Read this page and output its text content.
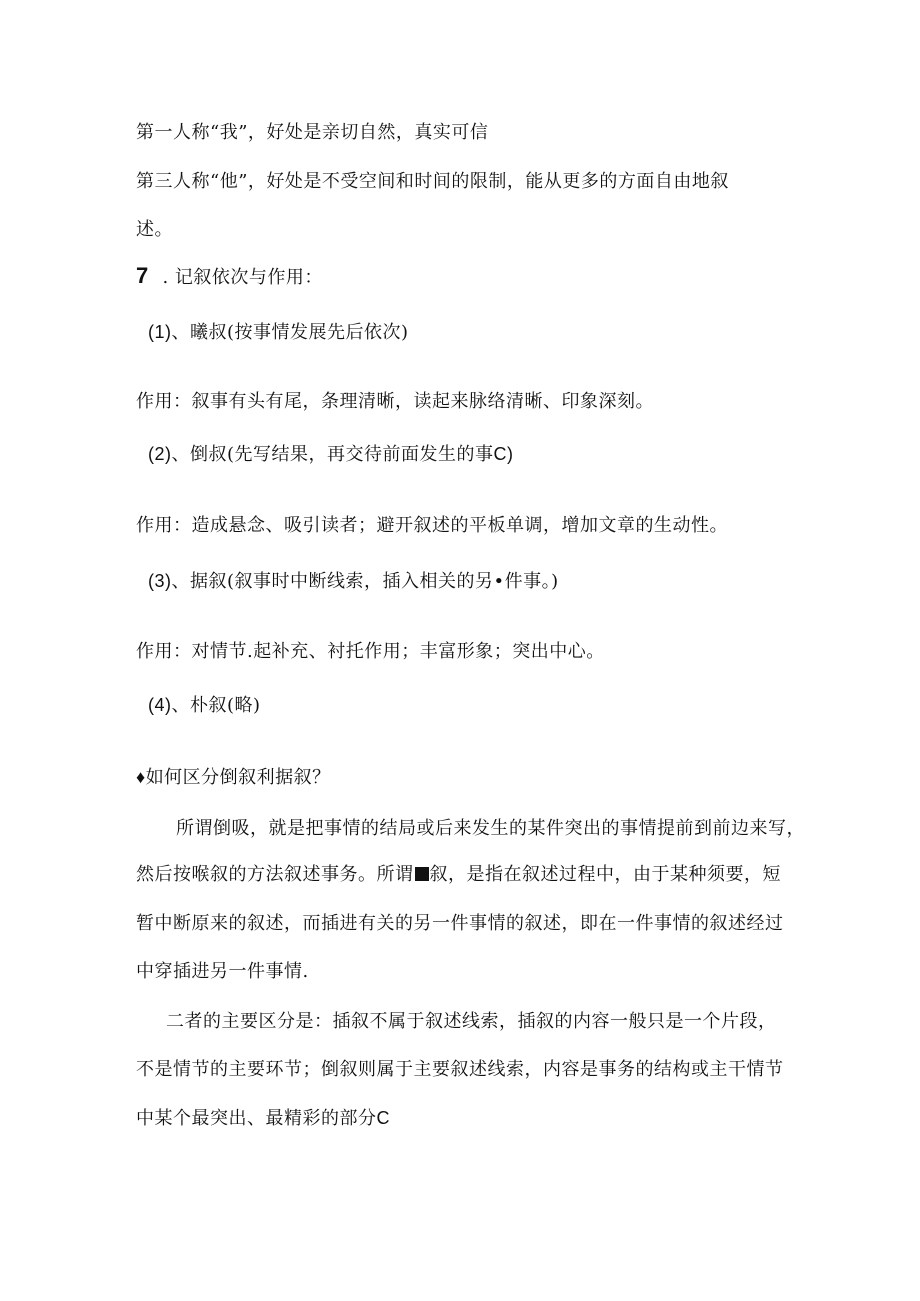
第一人称“我”，好处是亲切自然，真实可信
第三人称“他”，好处是不受空间和时间的限制，能从更多的方面自由地叙
述。
7 . 记叙依次与作用：
(1)、曦叔(按事情发展先后依次)
作用：叙事有头有尾，条理清晰，读起来脉络清晰、印象深刻。
(2)、倒叔(先写结果，再交待前面发生的事C)
作用：造成悬念、吸引读者；避开叙述的平板单调，增加文章的生动性。
(3)、据叙(叙事时中断线索，插入相关的另•件事。)
作用：对情节.起补充、衬托作用；丰富形象；突出中心。
(4)、朴叙(略)
♦如何区分倒叙利据叙？
所谓倒吸，就是把事情的结局或后来发生的某件突出的事情提前到前边来写，
然后按喉叙的方法叙述事务。所谓 叙，是指在叙述过程中，由于某种须要，短
暂中断原来的叙述，而插进有关的另一件事情的叙述，即在一件事情的叙述经过
中穿插进另一件事情.
二者的主要区分是：插叙不属于叙述线索，插叙的内容一般只是一个片段，
不是情节的主要环节；倒叙则属于主要叙述线索，内容是事务的结构或主干情节
中某个最突出、最精彩的部分C
